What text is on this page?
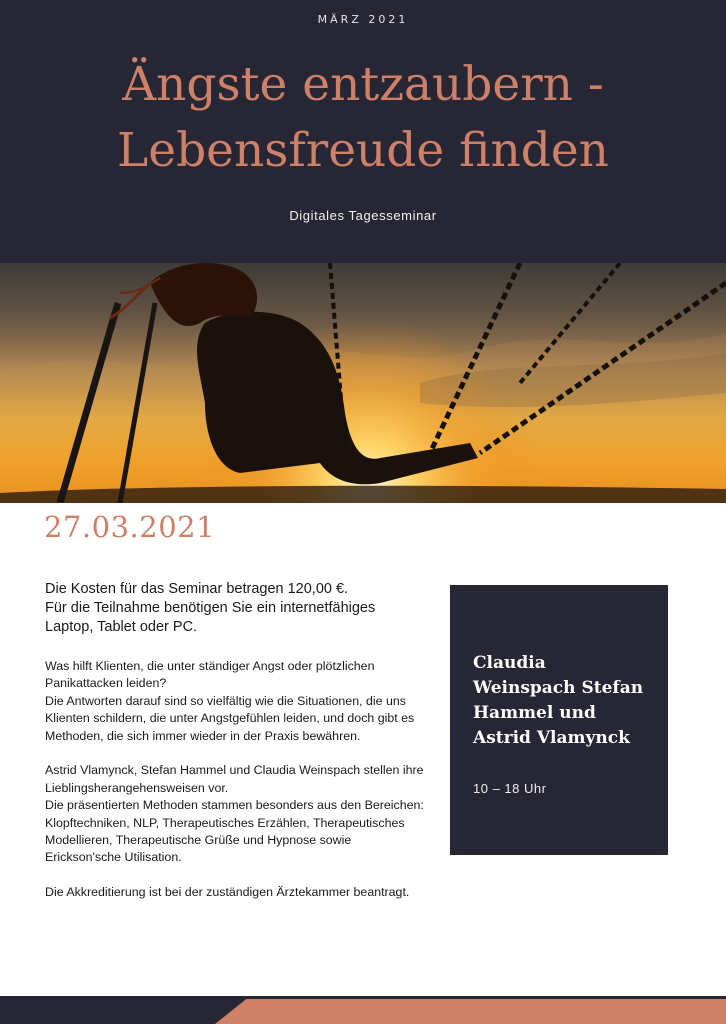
MÄRZ 2021
Ängste entzaubern -
Lebensfreude finden
Digitales Tagesseminar
27.03.2021
Die Kosten für das Seminar betragen 120,00 €.
Für die Teilnahme benötigen Sie ein internetfähiges Laptop, Tablet oder PC.

Was hilft Klienten, die unter ständiger Angst oder plötzlichen Panikattacken leiden?
Die Antworten darauf sind so vielfältig wie die Situationen, die uns Klienten schildern, die unter Angstgefühlen leiden, und doch gibt es Methoden, die sich immer wieder in der Praxis bewähren.

Astrid Vlamynck, Stefan Hammel und Claudia Weinspach stellen ihre Lieblingsherangehensweisen vor.
Die präsentierten Methoden stammen besonders aus den Bereichen: Klopftechniken, NLP, Therapeutisches Erzählen, Therapeutisches Modellieren, Therapeutische Grüße und Hypnose sowie Erickson'sche Utilisation.

Die Akkreditierung ist bei der zuständigen Ärztekammer beantragt.

Claudia Weinspach Stefan Hammel und Astrid Vlamynck
10 – 18 Uhr
